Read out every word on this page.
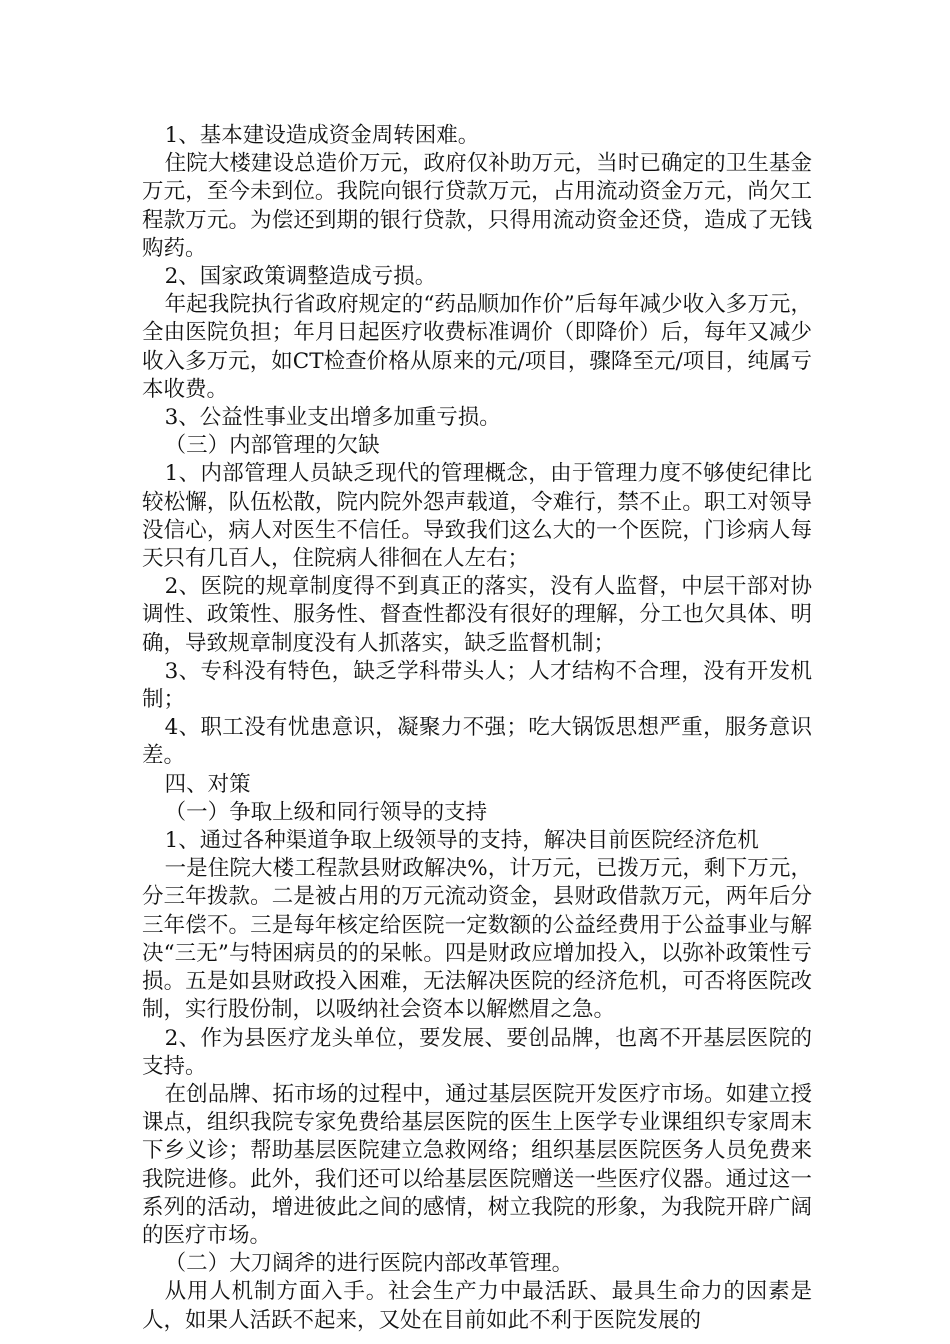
1、基本建设造成资金周转困难。

住院大楼建设总造价万元，政府仅补助万元，当时已确定的卫生基金万元，至今未到位。我院向银行贷款万元，占用流动资金万元，尚欠工程款万元。为偿还到期的银行贷款，只得用流动资金还贷，造成了无钱购药。

2、国家政策调整造成亏损。

年起我院执行省政府规定的“药品顺加作价”后每年减少收入多万元，全由医院负担；年月日起医疗收费标准调价（即降价）后，每年又减少收入多万元，如CT检查价格从原来的元/项目，骤降至元/项目，纯属亏本收费。

3、公益性事业支出增多加重亏损。

（三）内部管理的欠缺

1、内部管理人员缺乏现代的管理概念，由于管理力度不够使纪律比较松懈，队伍松散，院内院外怨声载道，令难行，禁不止。职工对领导没信心，病人对医生不信任。导致我们这么大的一个医院，门诊病人每天只有几百人，住院病人徘徊在人左右；

2、医院的规章制度得不到真正的落实，没有人监督，中层干部对协调性、政策性、服务性、督查性都没有很好的理解，分工也欠具体、明确，导致规章制度没有人抓落实，缺乏监督机制；

3、专科没有特色，缺乏学科带头人；人才结构不合理，没有开发机制；

4、职工没有忧患意识，凝聚力不强；吃大锅饭思想严重，服务意识差。

四、对策

（一）争取上级和同行领导的支持

1、通过各种渠道争取上级领导的支持，解决目前医院经济危机

一是住院大楼工程款县财政解决%，计万元，已拨万元，剩下万元，分三年拨款。二是被占用的万元流动资金，县财政借款万元，两年后分三年偿不。三是每年核定给医院一定数额的公益经费用于公益事业与解决“三无”与特困病员的的呆帐。四是财政应增加投入，以弥补政策性亏损。五是如县财政投入困难，无法解决医院的经济危机，可否将医院改制，实行股份制，以吸纳社会资本以解燃眉之急。

2、作为县医疗龙头单位，要发展、要创品牌，也离不开基层医院的支持。

在创品牌、拓市场的过程中，通过基层医院开发医疗市场。如建立授课点，组织我院专家免费给基层医院的医生上医学专业课组织专家周末下乡义诊；帮助基层医院建立急救网络；组织基层医院医务人员免费来我院进修。此外，我们还可以给基层医院赠送一些医疗仪器。通过这一系列的活动，增进彼此之间的感情，树立我院的形象，为我院开辟广阔的医疗市场。

（二）大刀阔斧的进行医院内部改革管理。

从用人机制方面入手。社会生产力中最活跃、最具生命力的因素是人，如果人活跃不起来，又处在目前如此不利于医院发展的
